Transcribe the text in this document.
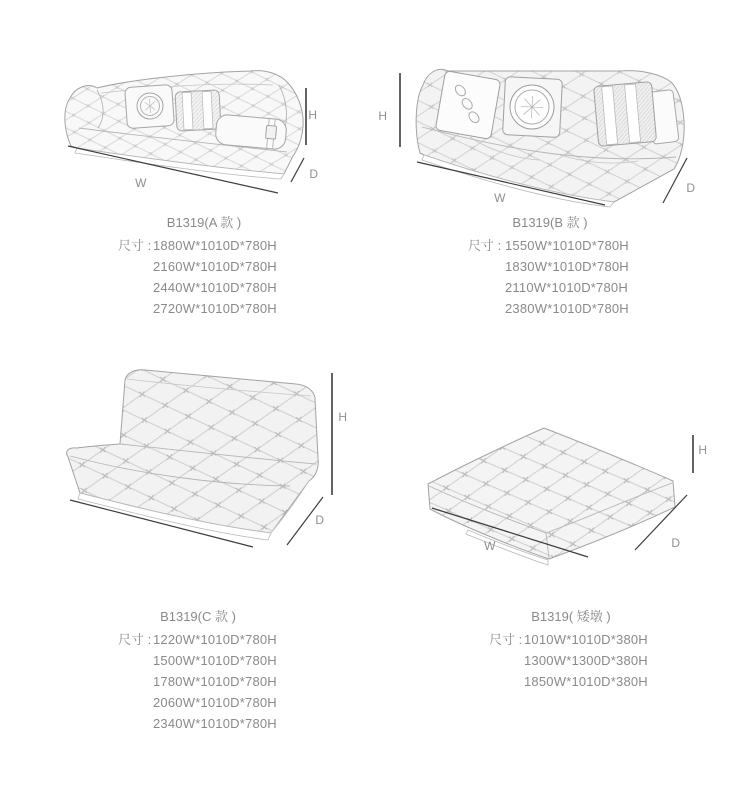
W
H
D
B1319(A 款 )
尺寸 : 1880W*1010D*780H
2160W*1010D*780H
2440W*1010D*780H
2720W*1010D*780H
H
W
D
B1319(B 款 )
尺寸 : 1550W*1010D*780H
1830W*1010D*780H
2110W*1010D*780H
2380W*1010D*780H
H
D
B1319(C 款 )
尺寸 : 1220W*1010D*780H
1500W*1010D*780H
1780W*1010D*780H
2060W*1010D*780H
2340W*1010D*780H
H
W	D
B1319( 矮墩 )
尺寸 : 1010W*1010D*380H
1300W*1300D*380H
1850W*1010D*380H
